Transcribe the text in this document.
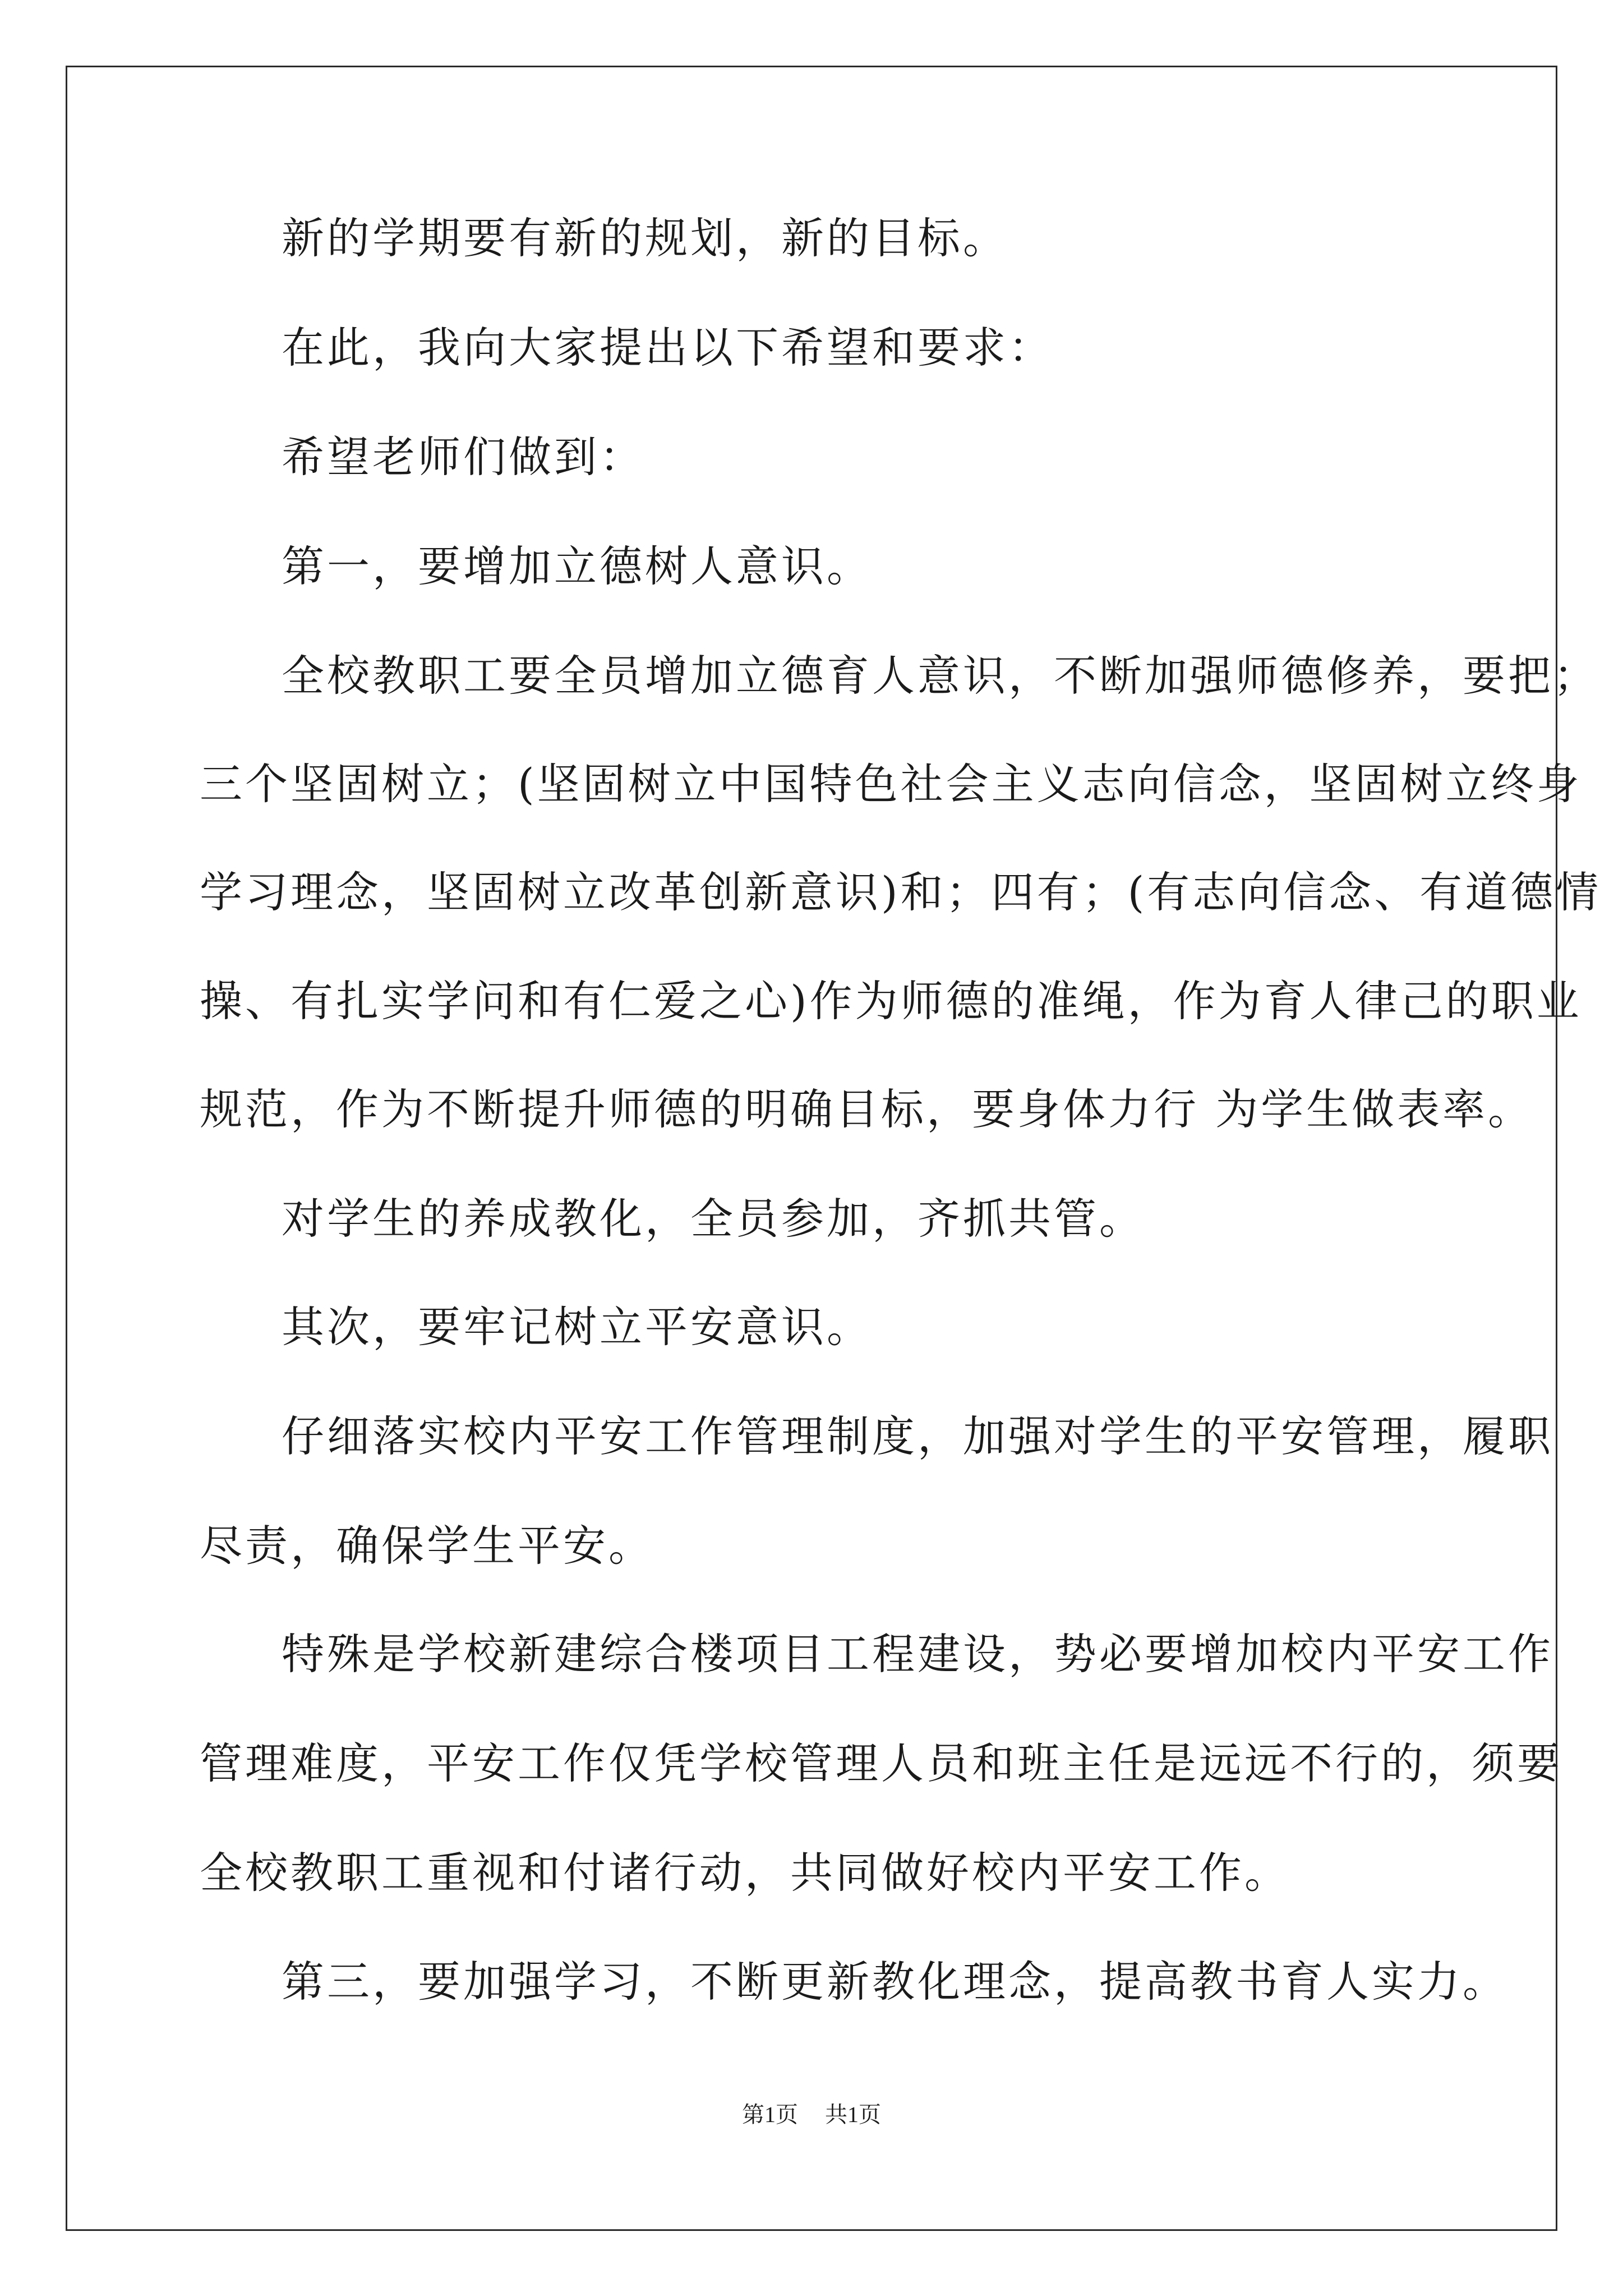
新的学期要有新的规划，新的目标。
在此，我向大家提出以下希望和要求：
希望老师们做到：
第一，要增加立德树人意识。
全校教职工要全员增加立德育人意识，不断加强师德修养，要把；
三个坚固树立；(坚固树立中国特色社会主义志向信念，坚固树立终身
学习理念，坚固树立改革创新意识)和；四有；(有志向信念、有道德情
操、有扎实学问和有仁爱之心)作为师德的准绳，作为育人律己的职业
规范，作为不断提升师德的明确目标，要身体力行 为学生做表率。
对学生的养成教化，全员参加，齐抓共管。
其次，要牢记树立平安意识。
仔细落实校内平安工作管理制度，加强对学生的平安管理，履职
尽责，确保学生平安。
特殊是学校新建综合楼项目工程建设，势必要增加校内平安工作
管理难度，平安工作仅凭学校管理人员和班主任是远远不行的，须要
全校教职工重视和付诸行动，共同做好校内平安工作。
第三，要加强学习，不断更新教化理念，提高教书育人实力。
第1页 共1页
